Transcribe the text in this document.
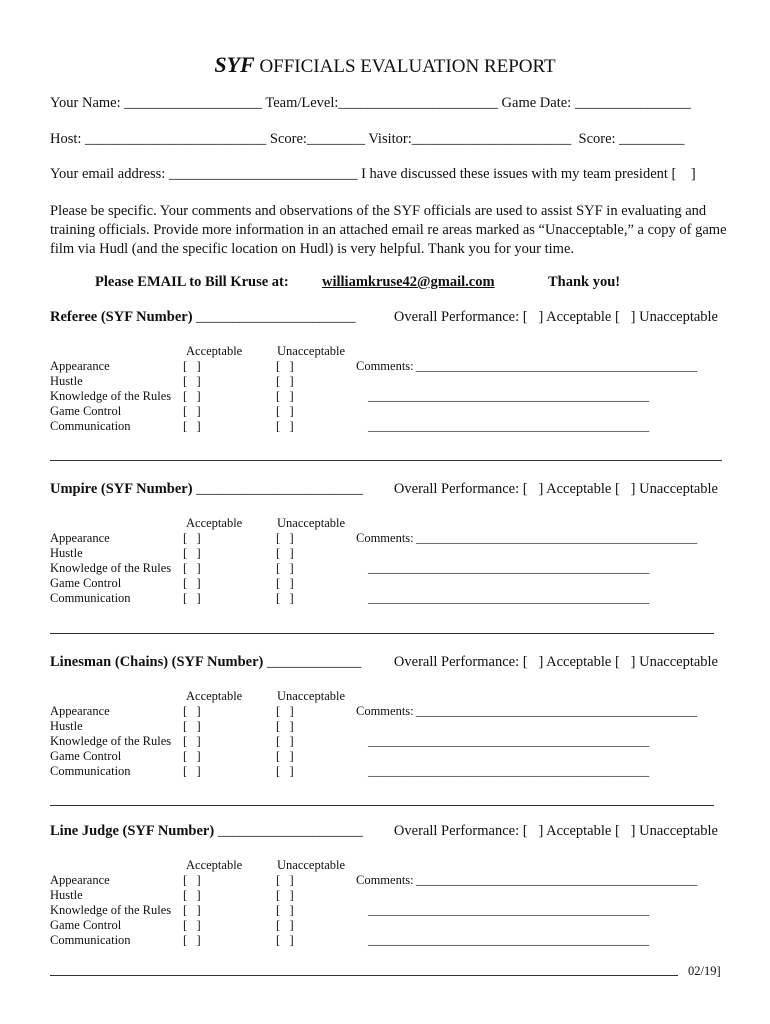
SYF OFFICIALS EVALUATION REPORT
Your Name: ___________________ Team/Level:______________________ Game Date: ________________
Host: _________________________ Score:________ Visitor:______________________  Score: _________
Your email address: __________________________ I have discussed these issues with my team president [    ]
Please be specific. Your comments and observations of the SYF officials are used to assist SYF in evaluating and training officials. Provide more information in an attached email re areas marked as “Unacceptable,” a copy of game film via Hudl (and the specific location on Hudl) is very helpful. Thank you for your time.
Please EMAIL to Bill Kruse at: williamkruse42@gmail.com	Thank you!
Referee (SYF Number) ______________________	Overall Performance: [   ] Acceptable [   ] Unacceptable
Acceptable	Unacceptable
Appearance	[   ]	[   ]
Hustle	[   ]	[   ]
Knowledge of the Rules [   ]	[   ]
Game Control	[   ]	[   ]
Communication	[   ]	[   ]
Comments: _____________________________________________
_____________________________________________
_____________________________________________
Umpire (SYF Number) _______________________ Overall Performance: [   ] Acceptable [   ] Unacceptable
Acceptable	Unacceptable
Appearance	[   ]	[   ]
Hustle	[   ]	[   ]
Knowledge of the Rules [   ]	[   ]
Game Control	[   ]	[   ]
Communication	[   ]	[   ]
Comments: _____________________________________________
_____________________________________________
_____________________________________________
Linesman (Chains) (SYF Number) _____________ Overall Performance: [   ] Acceptable [   ] Unacceptable
Acceptable	Unacceptable
Appearance	[   ]	[   ]
Hustle	[   ]	[   ]
Knowledge of the Rules [   ]	[   ]
Game Control	[   ]	[   ]
Communication	[   ]	[   ]
Comments: _____________________________________________
_____________________________________________
_____________________________________________
Line Judge (SYF Number) ____________________ Overall Performance: [   ] Acceptable [   ] Unacceptable
Acceptable	Unacceptable
Appearance	[   ]	[   ]
Hustle	[   ]	[   ]
Knowledge of the Rules [   ]	[   ]
Game Control	[   ]	[   ]
Communication	[   ]	[   ]
Comments: _____________________________________________
_____________________________________________
_____________________________________________
02/19]
